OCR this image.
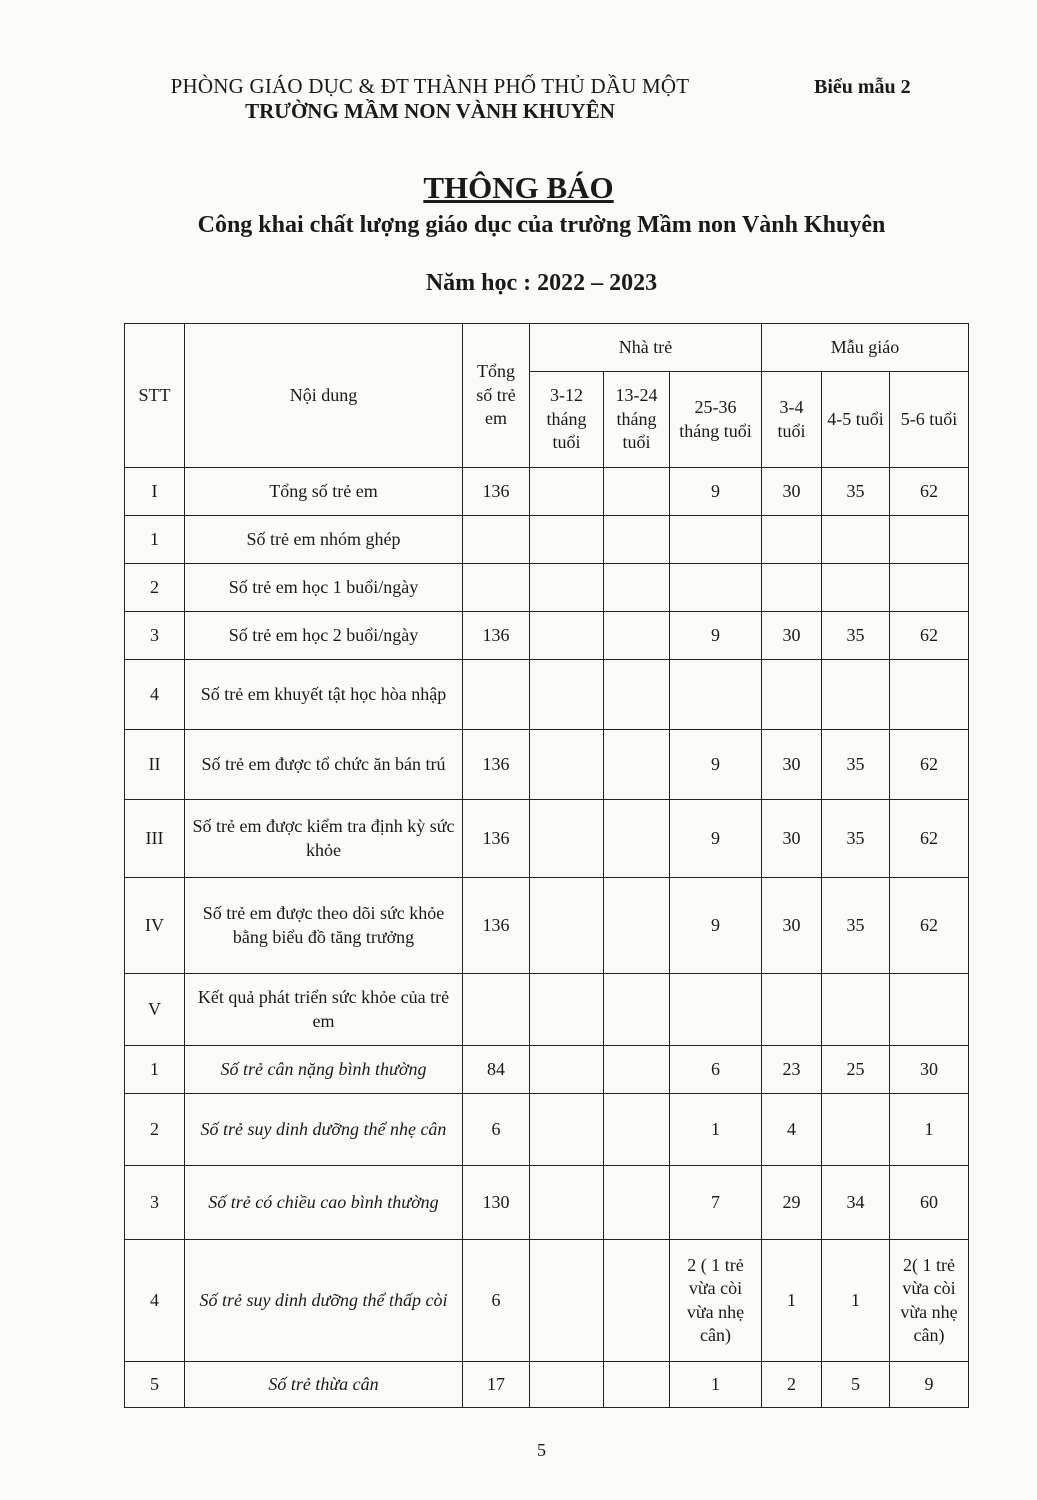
PHÒNG GIÁO DỤC & ĐT THÀNH PHỐ THỦ DẦU MỘT
TRƯỜNG MẦM NON VÀNH KHUYÊN
Biểu mẫu 2
THÔNG BÁO
Công khai chất lượng giáo dục của trường Mầm non Vành Khuyên
Năm học : 2022 – 2023
STT	Nội dung	Tổng số trẻ em	Nhà trẻ			Mẫu giáo		
			3-12 tháng tuổi	13-24 tháng tuổi	25-36 tháng tuổi	3-4 tuổi	4-5 tuổi	5-6 tuổi
I	Tổng số trẻ em	136			9	30	35	62
1	Số trẻ em nhóm ghép							
2	Số trẻ em học 1 buổi/ngày							
3	Số trẻ em học 2 buổi/ngày	136			9	30	35	62
4	Số trẻ em khuyết tật học hòa nhập							
II	Số trẻ em được tổ chức ăn bán trú	136			9	30	35	62
III	Số trẻ em được kiểm tra định kỳ sức khỏe	136			9	30	35	62
IV	Số trẻ em được theo dõi sức khỏe bằng biểu đồ tăng trưởng	136			9	30	35	62
V	Kết quả phát triển sức khỏe của trẻ em							
1	Số trẻ cân nặng bình thường	84			6	23	25	30
2	Số trẻ suy dinh dưỡng thể nhẹ cân	6			1	4		1
3	Số trẻ có chiều cao bình thường	130			7	29	34	60
4	Số trẻ suy dinh dưỡng thể thấp còi	6			2 ( 1 trẻ vừa còi vừa nhẹ cân)	1	1	2( 1 trẻ vừa còi vừa nhẹ cân)
5	Số trẻ thừa cân	17			1	2	5	9
5
